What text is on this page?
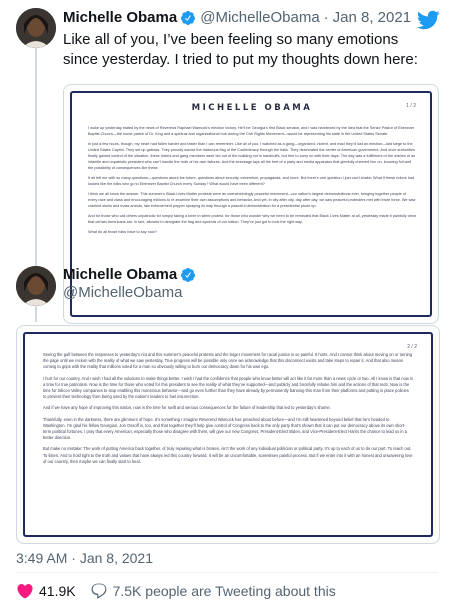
Michelle Obama @MichelleObama · Jan 8, 2021
Like all of you, I’ve been feeling so many emotions since yesterday. I tried to put my thoughts down here:
1 / 2
MICHELLE OBAMA

I woke up yesterday elated by the news of Reverend Raphael Warnock’s election victory. He’ll be Georgia’s first Black senator, and I was heartened by the idea that the Senior Pastor of Ebenezer Baptist Church—the home parish of Dr. King and a spiritual and organizational hub during the Civil Rights Movement—would be representing his state in the United States Senate.

In just a few hours, though, my heart had fallen harder and faster than I can remember. Like all of you, I watched as a gang—organized, violent, and mad they’d lost an election—laid siege to the United States Capitol. They set up gallows. They proudly waved the traitorous flag of the Confederacy through the halls. They desecrated the center of American government. And once authorities finally gained control of the situation, these rioters and gang members were led out of the building not in handcuffs, but free to carry on with their days. The day was a fulfillment of the wishes of an infantile and unpatriotic president who can’t handle the truth of his own failures. And the wreckage lays all the feet of a party and media apparatus that gleefully cheered him on, knowing full well the possibility of consequences like these.

It all left me with so many questions—questions about the future, questions about security, extremism, propaganda, and more. But there’s one question I just can’t shake: What if these rioters had looked like the folks who go to Ebenezer Baptist Church every Sunday? What would have been different?

I think we all know the answer. This summer’s Black Lives Matter protests were an overwhelmingly peaceful movement—our nation’s largest demonstrations ever, bringing together people of every race and class and encouraging millions to re-examine their own assumptions and behavior. And yet, in city after city, day after day, we saw peaceful protesters met with brute force. We saw cracked skulls and mass arrests, law enforcement pepper spraying its way through a peaceful demonstration for a presidential photo op.

And for those who call others unpatriotic for simply taking a knee in silent protest, for those who wonder why we need to be reminded that Black Lives Matter at all, yesterday made it painfully clear that certain Americans are, in fact, allowed to denigrate the flag and symbols of our nation. They’ve just got to look the right way.

What do all those folks have to say now?

Michelle Obama
@MichelleObama
2 / 2

Seeing the gulf between the responses to yesterday’s riot and this summer’s peaceful protests and the larger movement for racial justice is so painful. It hurts. And I cannot think about moving on or turning the page until we reckon with the reality of what we saw yesterday. True progress will be possible only once we acknowledge that this disconnect exists and take steps to repair it. And that also means coming to grips with the reality that millions voted for a man so obviously willing to burn our democracy down for his own ego.

I hurt for our country. And I wish I had all the solutions to make things better. I wish I had the confidence that people who know better will act like it far more than a news cycle or two. All I know is that now is a time for true patriotism. Now is the time for those who voted for this president to see the reality of what they’ve supported—and publicly and forcefully rebuke him and the actions of that mob. Now is the time for Silicon Valley companies to stop enabling this monstrous behavior—and go even further than they have already by permanently banning this man from their platforms and putting in place policies to prevent their technology from being used by the nation’s leaders to fuel insurrection.

And if we have any hope of improving this nation, now is the time for swift and serious consequences for the failure of leadership that led to yesterday’s shame.

Thankfully, even in the darkness, there are glimmers of hope. It’s something I imagine Reverend Warnock has preached about before—and I’m still heartened beyond belief that he’s headed to Washington. I’m glad his fellow Georgian, Jon Ossoff is, too, and that together they’ll help give control of Congress back to the only party that’s shown that it can put our democracy above its own short-term political fortunes. I pray that every American, especially those who disagree with them, will give our new Congress, President-Elect Biden, and Vice-President-Elect Harris the chance to lead us in a better direction.

But make no mistake: The work of putting America back together, of truly repairing what is broken, isn’t the work of any individual politician or political party. It’s up to each of us to do our part. To reach out. To listen. And to hold tight to the truth and values that have always led this country forward. It will be an uncomfortable, sometimes painful process. But if we enter into it with an honest and unwavering love of our country, then maybe we can finally start to heal.

3:49 AM · Jan 8, 2021
41.9K	7.5K people are Tweeting about this
